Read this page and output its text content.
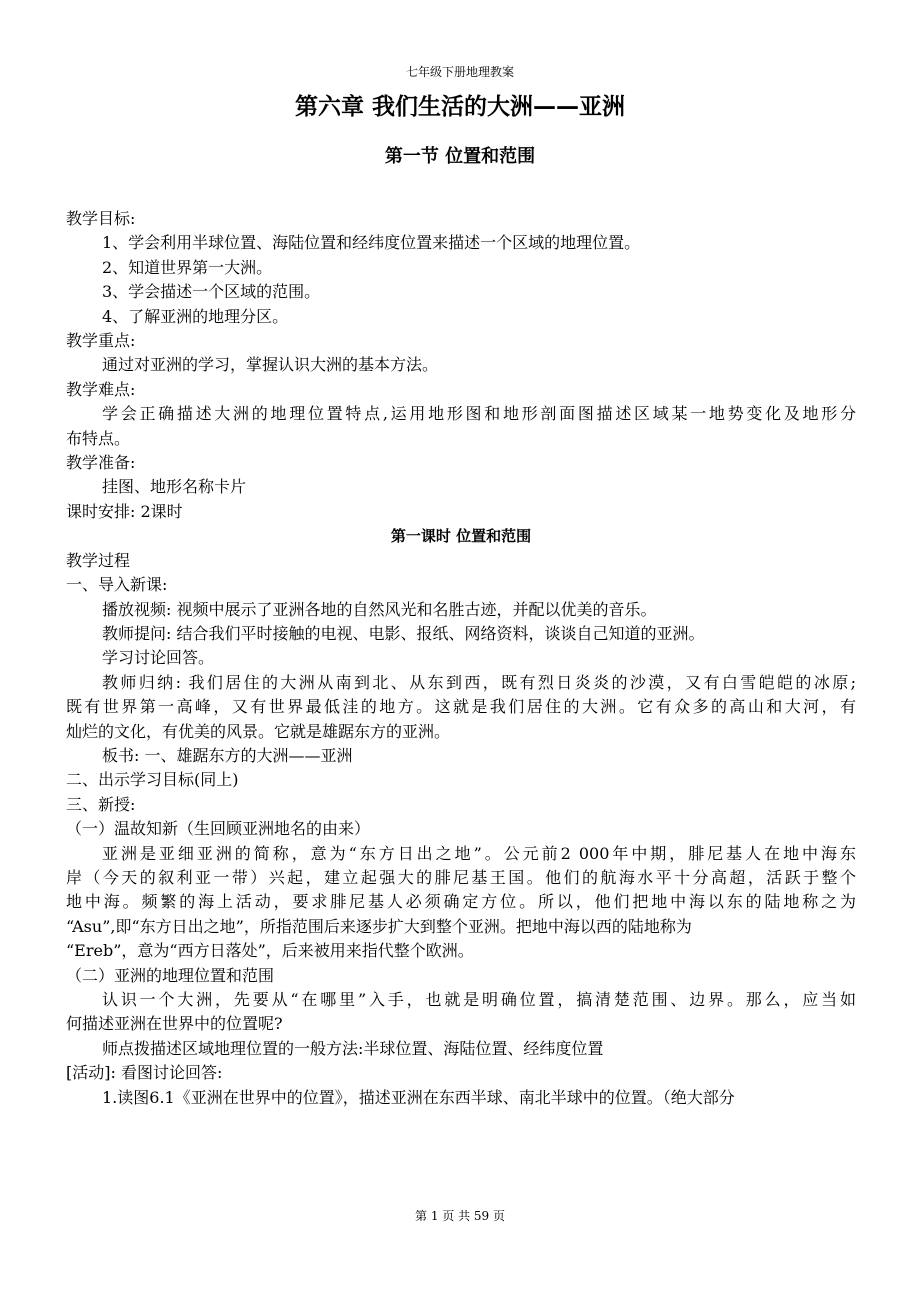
七年级下册地理教案
第六章 我们生活的大洲——亚洲
第一节 位置和范围
教学目标:
1、学会利用半球位置、海陆位置和经纬度位置来描述一个区域的地理位置。
2、知道世界第一大洲。
3、学会描述一个区域的范围。
4、了解亚洲的地理分区。
教学重点:
通过对亚洲的学习，掌握认识大洲的基本方法。
教学难点:
学会正确描述大洲的地理位置特点,运用地形图和地形剖面图描述区域某一地势变化及地形分
布特点。
教学准备:
挂图、地形名称卡片
课时安排: 2课时
第一课时 位置和范围
教学过程
一、导入新课:
播放视频: 视频中展示了亚洲各地的自然风光和名胜古迹，并配以优美的音乐。
教师提问: 结合我们平时接触的电视、电影、报纸、网络资料，谈谈自己知道的亚洲。
学习讨论回答。
教师归纳: 我们居住的大洲从南到北、从东到西，既有烈日炎炎的沙漠，又有白雪皑皑的冰原;
既有世界第一高峰，又有世界最低洼的地方。这就是我们居住的大洲。它有众多的高山和大河，有
灿烂的文化，有优美的风景。它就是雄踞东方的亚洲。
板书: 一、雄踞东方的大洲——亚洲
二、出示学习目标(同上)
三、新授:
（一）温故知新（生回顾亚洲地名的由来）
亚洲是亚细亚洲的简称，意为“东方日出之地”。公元前2 000年中期，腓尼基人在地中海东
岸（今天的叙利亚一带）兴起，建立起强大的腓尼基王国。他们的航海水平十分高超，活跃于整个
地中海。频繁的海上活动，要求腓尼基人必须确定方位。所以，他们把地中海以东的陆地称之为
“Asu”,即“东方日出之地”，所指范围后来逐步扩大到整个亚洲。把地中海以西的陆地称为
“Ereb”，意为“西方日落处”，后来被用来指代整个欧洲。
（二）亚洲的地理位置和范围
认识一个大洲，先要从“在哪里”入手，也就是明确位置，搞清楚范围、边界。那么，应当如
何描述亚洲在世界中的位置呢?
师点拨描述区域地理位置的一般方法:半球位置、海陆位置、经纬度位置
[活动]: 看图讨论回答:
1.读图6.1《亚洲在世界中的位置》，描述亚洲在东西半球、南北半球中的位置。（绝大部分
第 1 页 共 59 页
